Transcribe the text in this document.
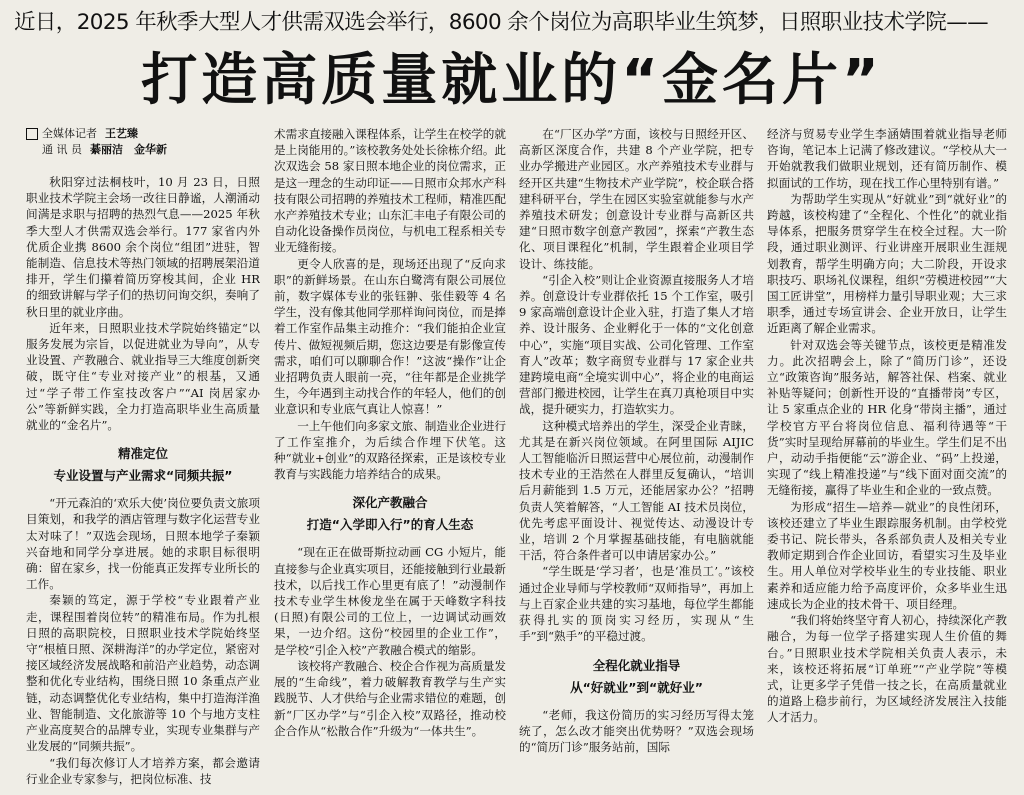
近日，2025 年秋季大型人才供需双选会举行，8600 余个岗位为高职毕业生筑梦，日照职业技术学院——
打造高质量就业的“金名片”
全媒体记者 王艺臻
通 讯 员 綦丽洁　金华新

秋阳穿过法桐枝叶，10 月 23 日，日照职业技术学院主会场一改往日静谧，人潮涌动间满是求职与招聘的热烈气息——2025 年秋季大型人才供需双选会举行。177 家省内外优质企业携 8600 余个岗位“组团”进驻，智能制造、信息技术等热门领域的招聘展架沿道排开，学生们攥着简历穿梭其间，企业 HR 的细致讲解与学子们的热切问询交织，奏响了秋日里的就业序曲。

近年来，日照职业技术学院始终锚定“以服务发展为宗旨，以促进就业为导向”，从专业设置、产教融合、就业指导三大维度创新突破，既守住“专业对接产业”的根基，又通过“学子带工作室技改客户”“AI 岗居家办公”等新鲜实践，全力打造高职毕业生高质量就业的“金名片”。

精准定位
专业设置与产业需求“同频共振”

“开元森泊的‘欢乐大使’岗位要负责文旅项目策划，和我学的酒店管理与数字化运营专业太对味了！”双选会现场，日照本地学子秦颖兴奋地和同学分享进展。她的求职目标很明确：留在家乡，找一份能真正发挥专业所长的工作。

秦颖的笃定，源于学校“专业跟着产业走，课程围着岗位转”的精准布局。作为扎根日照的高职院校，日照职业技术学院始终坚守“根植日照、深耕海洋”的办学定位，紧密对接区域经济发展战略和前沿产业趋势，动态调整和优化专业结构，围绕日照 10 条重点产业链，动态调整优化专业结构，集中打造海洋渔业、智能制造、文化旅游等 10 个与地方支柱产业高度契合的品牌专业，实现专业集群与产业发展的“同频共振”。

“我们每次修订人才培养方案，都会邀请行业企业专家参与，把岗位标准、技

术需求直接融入课程体系，让学生在校学的就是上岗能用的。”该校教务处处长徐栋介绍。此次双选会 58 家日照本地企业的岗位需求，正是这一理念的生动印证——日照市众邦水产科技有限公司招聘的养殖技术工程师，精准匹配水产养殖技术专业；山东汇丰电子有限公司的自动化设备操作员岗位，与机电工程系相关专业无缝衔接。

更令人欣喜的是，现场还出现了“反向求职”的新鲜场景。在山东白鹭湾有限公司展位前，数字媒体专业的张钰翀、张佳毅等 4 名学生，没有像其他同学那样询问岗位，而是捧着工作室作品集主动推介：“我们能拍企业宣传片、做短视频后期，您这边要是有影像宣传需求，咱们可以聊聊合作！”这波“操作”让企业招聘负责人眼前一亮，“往年都是企业挑学生，今年遇到主动找合作的年轻人，他们的创业意识和专业底气真让人惊喜！”

一上午他们向多家文旅、制造业企业进行了工作室推介，为后续合作埋下伏笔。这种“就业+创业”的双路径探索，正是该校专业教育与实践能力培养结合的成果。

深化产教融合
打造“入学即入行”的育人生态

“现在正在做哥斯拉动画 CG 小短片，能直接参与企业真实项目，还能接触到行业最新技术，以后找工作心里更有底了！”动漫制作技术专业学生林俊龙坐在属于天峰数字科技(日照)有限公司的工位上，一边调试动画效果，一边介绍。这份“校园里的企业工作”，是学校“引企入校”产教融合模式的缩影。

该校将产教融合、校企合作视为高质量发展的“生命线”，着力破解教育教学与生产实践脱节、人才供给与企业需求错位的难题，创新“厂区办学”与“引企入校”双路径，推动校企合作从“松散合作”升级为“一体共生”。

在“厂区办学”方面，该校与日照经开区、高新区深度合作，共建 8 个产业学院，把专业办学搬进产业园区。水产养殖技术专业群与经开区共建“生物技术产业学院”，校企联合搭建科研平台，学生在园区实验室就能参与水产养殖技术研发；创意设计专业群与高新区共建“日照市数字创意产教园”，探索“产教生态化、项目课程化”机制，学生跟着企业项目学设计、练技能。

“引企入校”则让企业资源直接服务人才培养。创意设计专业群依托 15 个工作室，吸引 9 家高端创意设计企业入驻，打造了集人才培养、设计服务、企业孵化于一体的“文化创意中心”，实施“项目实战、公司化管理、工作室育人”改革；数字商贸专业群与 17 家企业共建跨境电商“全境实训中心”，将企业的电商运营部门搬进校园，让学生在真刀真枪项目中实战，提升硬实力，打造软实力。

这种模式培养出的学生，深受企业青睐，尤其是在新兴岗位领域。在阿里国际 AIJIC 人工智能临沂日照运营中心展位前，动漫制作技术专业的王浩然在人群里反复确认，“培训后月薪能到 1.5 万元，还能居家办公？”招聘负责人笑着解答，“人工智能 AI 技术员岗位，优先考虑平面设计、视觉传达、动漫设计专业，培训 2 个月掌握基础技能，有电脑就能干活，符合条件者可以申请居家办公。”

“学生既是‘学习者’，也是‘准员工’。”该校通过企业导师与学校教师“双师指导”，再加上与上百家企业共建的实习基地，每位学生都能获得扎实的顶岗实习经历，实现从“生手”到“熟手”的平稳过渡。

全程化就业指导
从“好就业”到“就好业”

“老师，我这份简历的实习经历写得太笼统了，怎么改才能突出优势呀？”双选会现场的“简历门诊”服务站前，国际

经济与贸易专业学生李涵婧围着就业指导老师咨询，笔记本上记满了修改建议。“学校从大一开始就教我们做职业规划，还有简历制作、模拟面试的工作坊，现在找工作心里特别有谱。”

为帮助学生实现从“好就业”到“就好业”的跨越，该校构建了“全程化、个性化”的就业指导体系，把服务贯穿学生在校全过程。大一阶段，通过职业测评、行业讲座开展职业生涯规划教育，帮学生明确方向；大二阶段，开设求职技巧、职场礼仪课程，组织“劳模进校园”“大国工匠讲堂”，用榜样力量引导职业观；大三求职季，通过专场宣讲会、企业开放日，让学生近距离了解企业需求。

针对双选会等关键节点，该校更是精准发力。此次招聘会上，除了“简历门诊”，还设立“政策咨询”服务站，解答社保、档案、就业补贴等疑问；创新性开设的“直播带岗”专区，让 5 家重点企业的 HR 化身“带岗主播”，通过学校官方平台将岗位信息、福利待遇等“干货”实时呈现给屏幕前的毕业生。学生们足不出户，动动手指便能“云”游企业、“码”上投递，实现了“线上精准投递”与“线下面对面交流”的无缝衔接，赢得了毕业生和企业的一致点赞。

为形成“招生—培养—就业”的良性闭环，该校还建立了毕业生跟踪服务机制。由学校党委书记、院长带头，各系部负责人及相关专业教师定期到合作企业回访，看望实习生及毕业生。用人单位对学校毕业生的专业技能、职业素养和适应能力给予高度评价，众多毕业生迅速成长为企业的技术骨干、项目经理。

“我们将始终坚守育人初心，持续深化产教融合，为每一位学子搭建实现人生价值的舞台。”日照职业技术学院相关负责人表示，未来，该校还将拓展“订单班”“产业学院”等模式，让更多学子凭借一技之长，在高质量就业的道路上稳步前行，为区域经济发展注入技能人才活力。
